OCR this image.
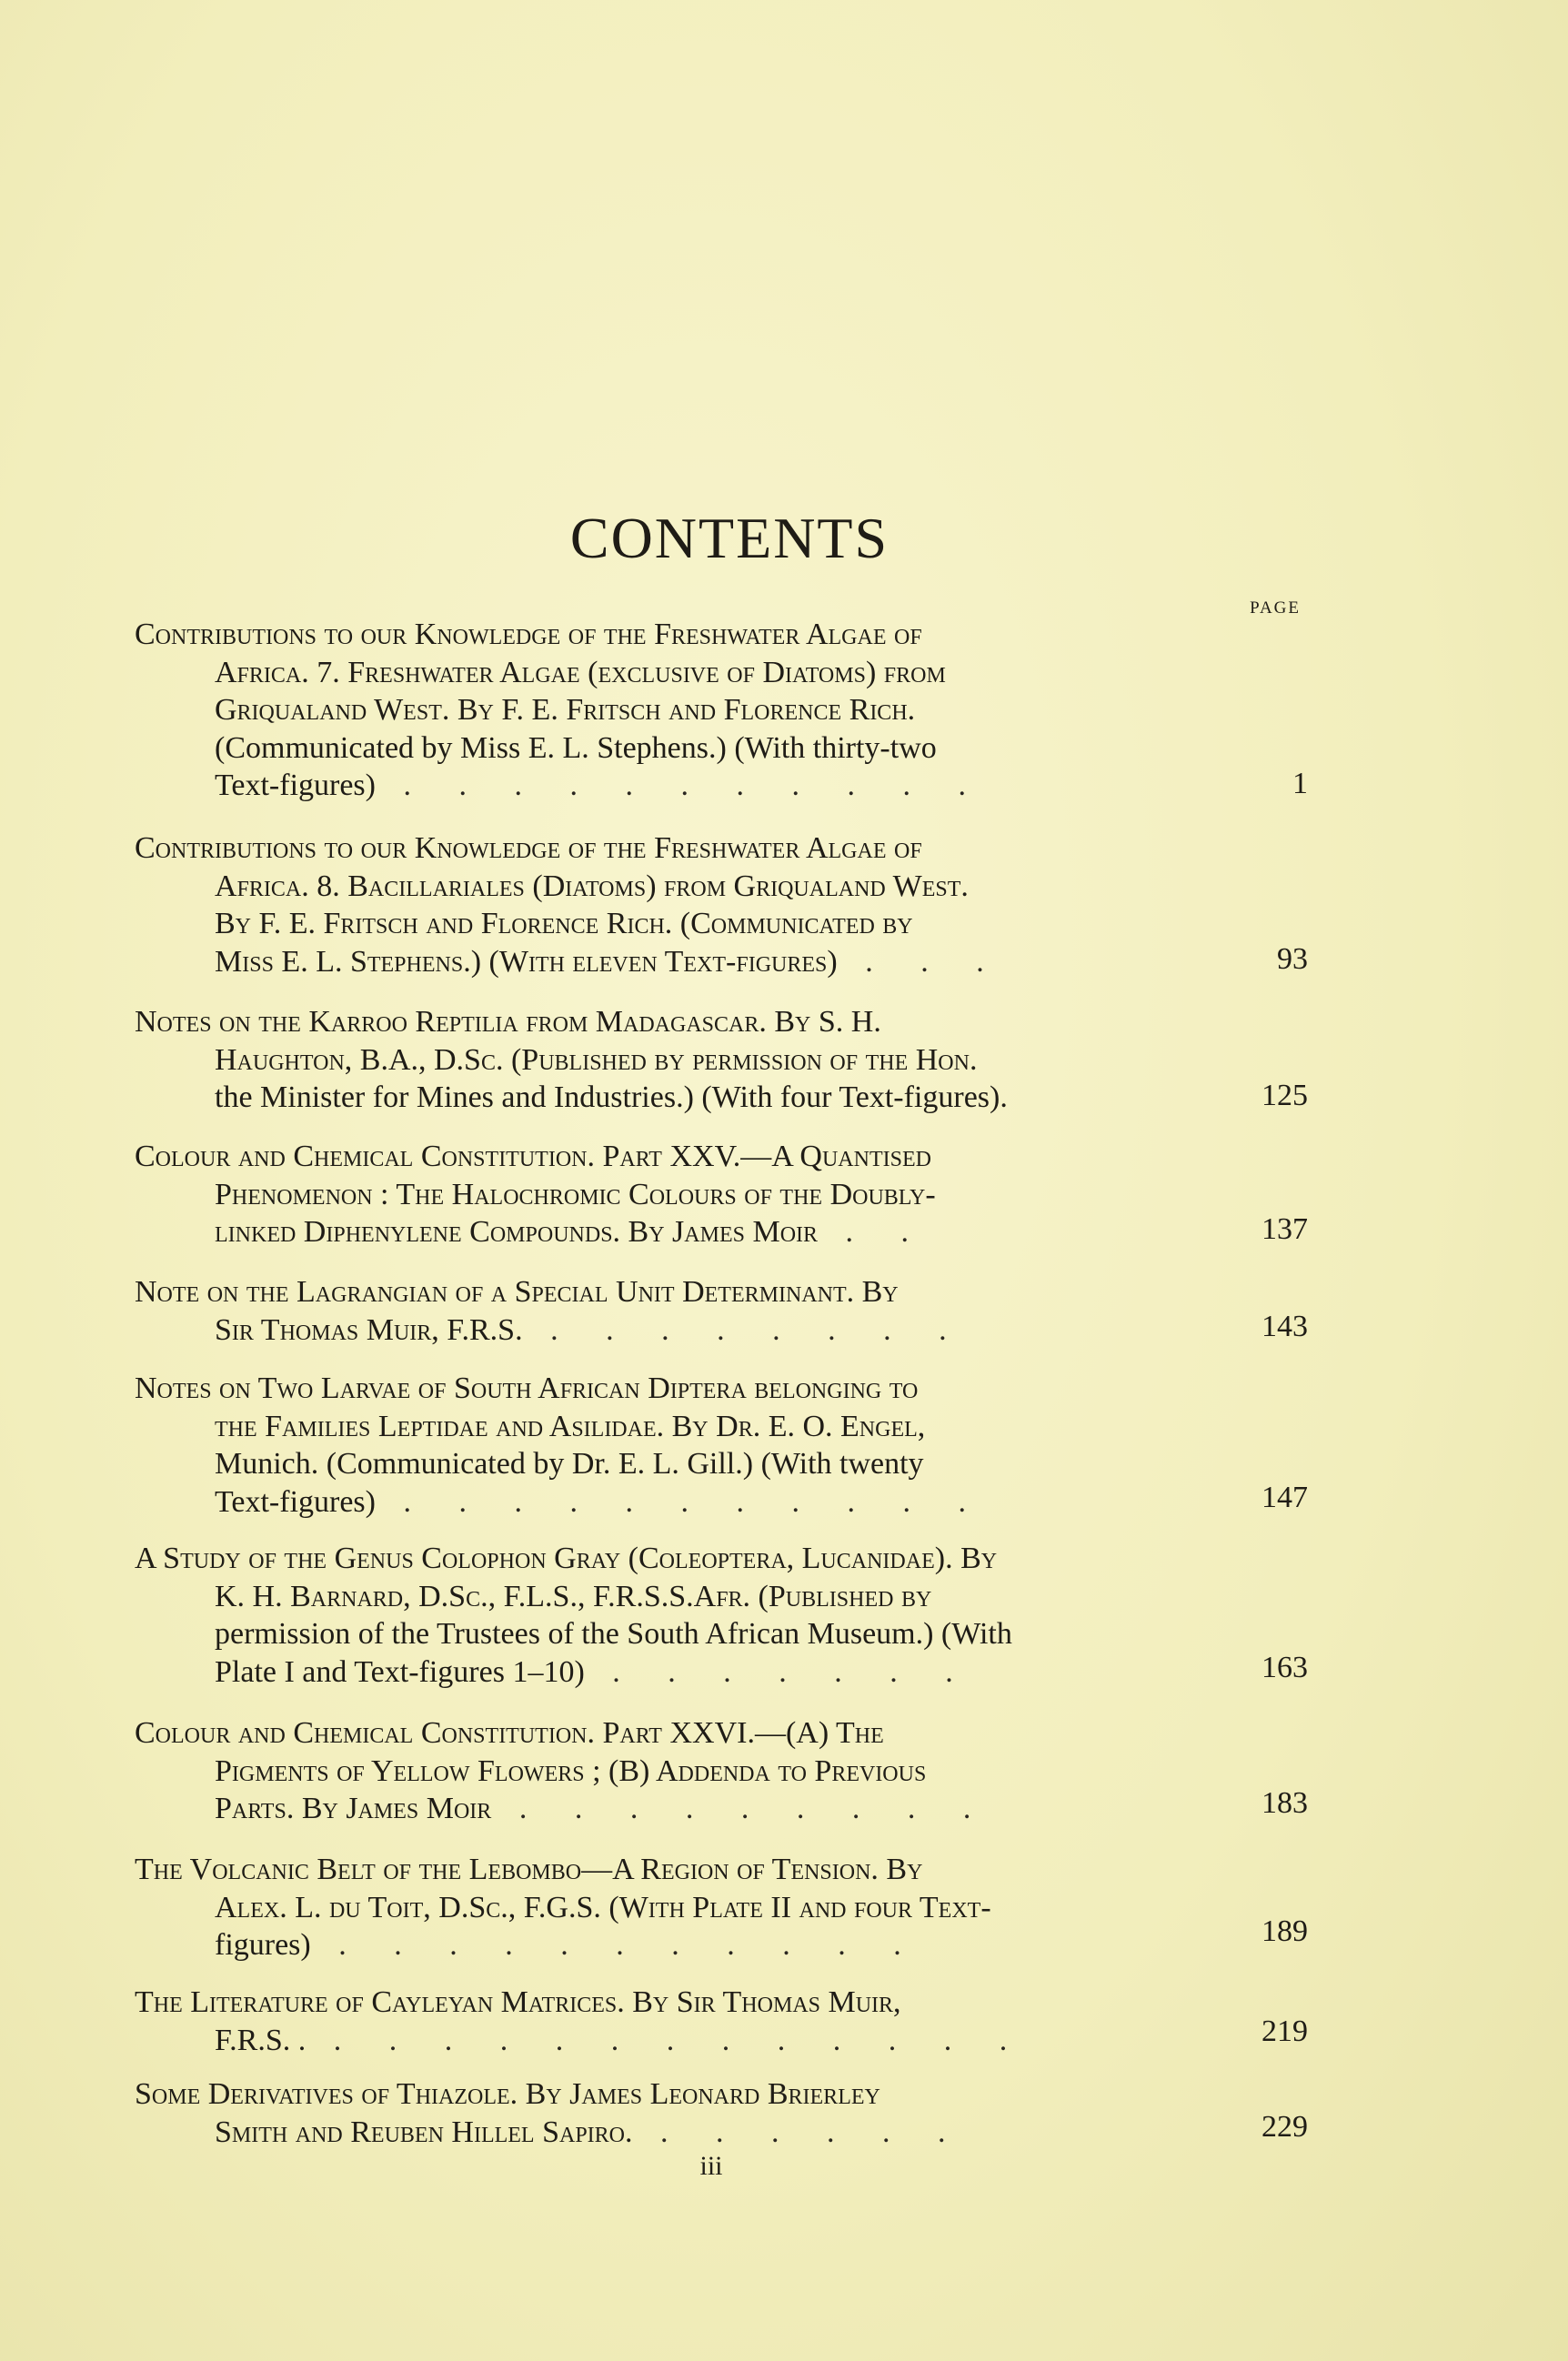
CONTENTS
PAGE
Contributions to our Knowledge of the Freshwater Algae of
Africa. 7. Freshwater Algae (exclusive of Diatoms) from
Griqualand West. By F. E. Fritsch and Florence Rich.
(Communicated by Miss E. L. Stephens.) (With thirty-two
Text-figures) . . . . . . . . . . .	1
Contributions to our Knowledge of the Freshwater Algae of
Africa. 8. Bacillariales (Diatoms) from Griqualand West.
By F. E. Fritsch and Florence Rich. (Communicated by
Miss E. L. Stephens.) (With eleven Text-figures) . . .	93
Notes on the Karroo Reptilia from Madagascar. By S. H.
Haughton, B.A., D.Sc. (Published by permission of the Hon.
the Minister for Mines and Industries.) (With four Text-figures).	125
Colour and Chemical Constitution. Part XXV.—A Quantised
Phenomenon : The Halochromic Colours of the Doubly-
linked Diphenylene Compounds. By James Moir . .	137
Note on the Lagrangian of a Special Unit Determinant. By
Sir Thomas Muir, F.R.S. . . . . . . . .	143
Notes on Two Larvae of South African Diptera belonging to
the Families Leptidae and Asilidae. By Dr. E. O. Engel,
Munich. (Communicated by Dr. E. L. Gill.) (With twenty
Text-figures) . . . . . . . . . . .	147
A Study of the Genus Colophon Gray (Coleoptera, Lucanidae). By
K. H. Barnard, D.Sc., F.L.S., F.R.S.S.Afr. (Published by
permission of the Trustees of the South African Museum.) (With
Plate I and Text-figures 1–10) . . . . . . .	163
Colour and Chemical Constitution. Part XXVI.—(A) The
Pigments of Yellow Flowers ; (B) Addenda to Previous
Parts. By James Moir . . . . . . . . .	183
The Volcanic Belt of the Lebombo—A Region of Tension. By
Alex. L. du Toit, D.Sc., F.G.S. (With Plate II and four Text-
figures) . . . . . . . . . . .	189
The Literature of Cayleyan Matrices. By Sir Thomas Muir,
F.R.S. . . . . . . . . . . . . . .	219
Some Derivatives of Thiazole. By James Leonard Brierley
Smith and Reuben Hillel Sapiro. . . . . . .	229
iii
